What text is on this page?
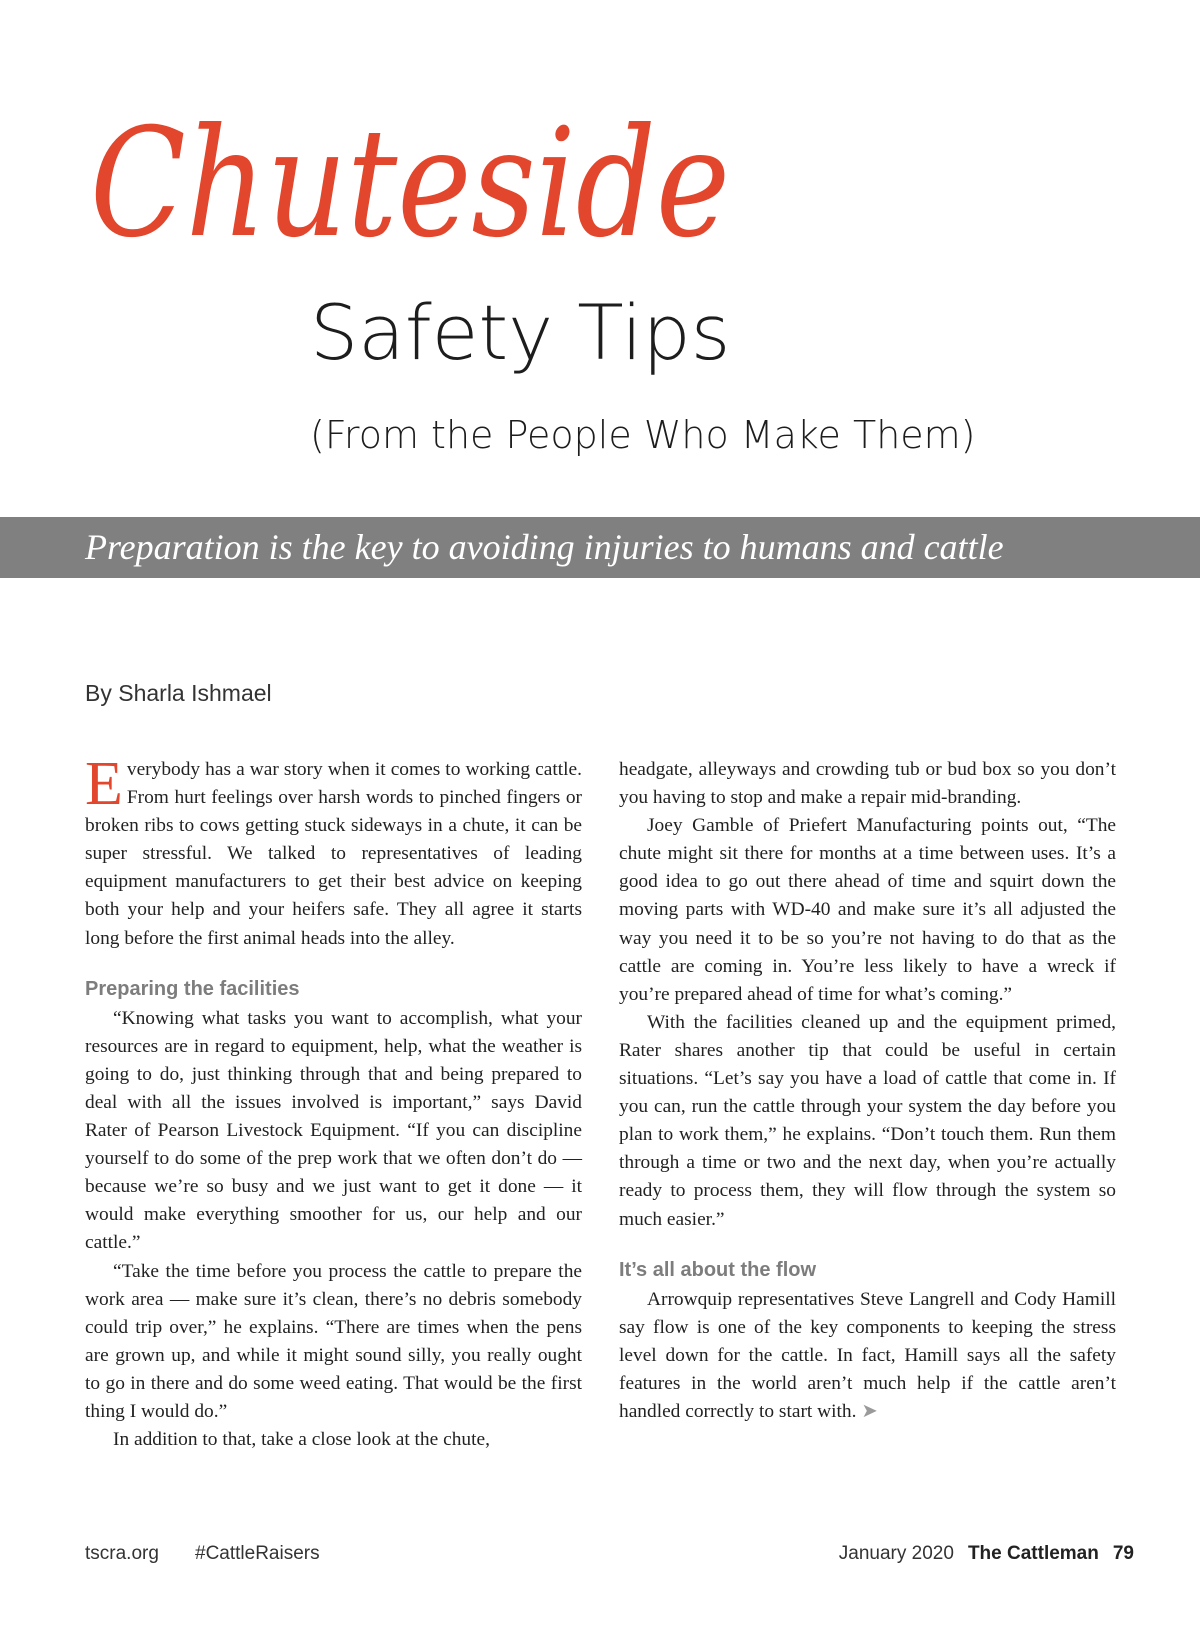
Chuteside
Safety Tips
(From the People Who Make Them)

Preparation is the key to avoiding injuries to humans and cattle

By Sharla Ishmael

Everybody has a war story when it comes to working cattle. From hurt feelings over harsh words to pinched fingers or broken ribs to cows getting stuck sideways in a chute, it can be super stressful. We talked to representatives of leading equipment manufacturers to get their best advice on keeping both your help and your heifers safe. They all agree it starts long before the first animal heads into the alley.

Preparing the facilities

“Knowing what tasks you want to accomplish, what your resources are in regard to equipment, help, what the weather is going to do, just thinking through that and being prepared to deal with all the issues involved is important,” says David Rater of Pearson Livestock Equipment. “If you can discipline yourself to do some of the prep work that we often don’t do — because we’re so busy and we just want to get it done — it would make everything smoother for us, our help and our cattle.”

“Take the time before you process the cattle to prepare the work area — make sure it’s clean, there’s no debris somebody could trip over,” he explains. “There are times when the pens are grown up, and while it might sound silly, you really ought to go in there and do some weed eating. That would be the first thing I would do.”

In addition to that, take a close look at the chute,

headgate, alleyways and crowding tub or bud box so you don’t you having to stop and make a repair mid-branding.

Joey Gamble of Priefert Manufacturing points out, “The chute might sit there for months at a time between uses. It’s a good idea to go out there ahead of time and squirt down the moving parts with WD-40 and make sure it’s all adjusted the way you need it to be so you’re not having to do that as the cattle are coming in. You’re less likely to have a wreck if you’re prepared ahead of time for what’s coming.”

With the facilities cleaned up and the equipment primed, Rater shares another tip that could be useful in certain situations. “Let’s say you have a load of cattle that come in. If you can, run the cattle through your system the day before you plan to work them,” he explains. “Don’t touch them. Run them through a time or two and the next day, when you’re actually ready to process them, they will flow through the system so much easier.”

It’s all about the flow

Arrowquip representatives Steve Langrell and Cody Hamill say flow is one of the key components to keeping the stress level down for the cattle. In fact, Hamill says all the safety features in the world aren’t much help if the cattle aren’t handled correctly to start with. ➤

tscra.org #CattleRaisers	January 2020 The Cattleman 79
